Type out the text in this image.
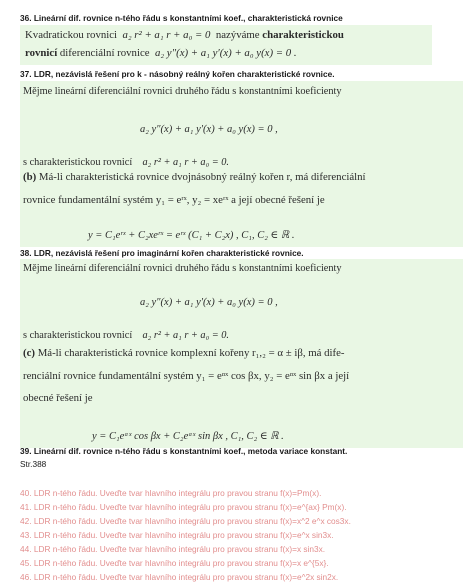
36. Lineární dif. rovnice n-tého řádu s konstantními koef., charakteristická rovnice
Kvadratickou rovnici a₂ r² + a₁ r + a₀ = 0 nazýváme charakteristickou
rovnicí diferenciální rovnice a₂ y″(x) + a₁ y′(x) + a₀ y(x) = 0 .
37. LDR, nezávislá řešení pro k - násobný reálný kořen charakteristické rovnice.
Mějme lineární diferenciální rovnici druhého řádu s konstantními koeficienty
a₂ y″(x) + a₁ y′(x) + a₀ y(x) = 0 ,
s charakteristickou rovnicí a₂ r² + a₁ r + a₀ = 0.
(b) Má-li charakteristická rovnice dvojnásobný reálný kořen r, má diferenciální
rovnice fundamentální systém y₁ = eʳˣ, y₂ = xeʳˣ a její obecné řešení je
y = C₁eʳˣ + C₂xeʳˣ = eʳˣ (C₁ + C₂x) , C₁, C₂ ∈ ℝ .
38. LDR, nezávislá řešení pro imaginární kořen charakteristické rovnice.
Mějme lineární diferenciální rovnici druhého řádu s konstantními koeficienty
a₂ y″(x) + a₁ y′(x) + a₀ y(x) = 0 ,
s charakteristickou rovnicí a₂ r² + a₁ r + a₀ = 0.
(c) Má-li charakteristická rovnice komplexní kořeny r₁,₂ = α ± iβ, má dife-
renciální rovnice fundamentální systém y₁ = eᵅˣ cos βx, y₂ = eᵅˣ sin βx a její
obecné řešení je
y = C₁eᵅˣ cos βx + C₂eᵅˣ sin βx , C₁, C₂ ∈ ℝ .
39. Lineární dif. rovnice n-tého řádu s konstantními koef., metoda variace konstant.
Str.388
40. LDR n-tého řádu. Uveďte tvar hlavního integrálu pro pravou stranu f(x)=Pm(x).
41. LDR n-tého řádu. Uveďte tvar hlavního integrálu pro pravou stranu f(x)=e^{ax} Pm(x).
42. LDR n-tého řádu. Uveďte tvar hlavního integrálu pro pravou stranu f(x)=x^2 e^x cos3x.
43. LDR n-tého řádu. Uveďte tvar hlavního integrálu pro pravou stranu f(x)=e^x sin3x.
44. LDR n-tého řádu. Uveďte tvar hlavního integrálu pro pravou stranu f(x)=x sin3x.
45. LDR n-tého řádu. Uveďte tvar hlavního integrálu pro pravou stranu f(x)=x e^{5x}.
46. LDR n-tého řádu. Uveďte tvar hlavního integrálu pro pravou stranu f(x)=e^2x sin2x.
